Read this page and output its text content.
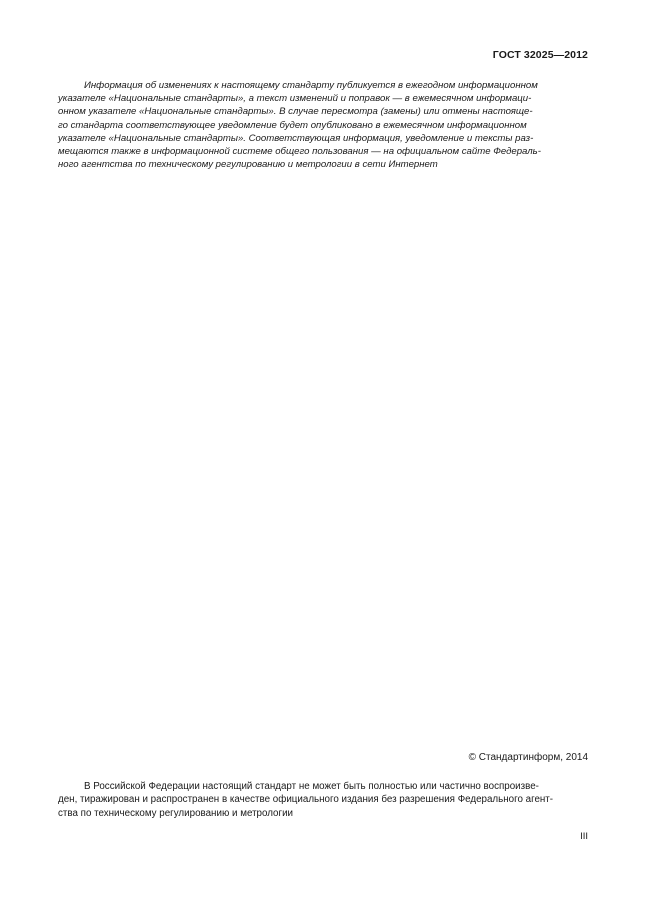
ГОСТ 32025—2012
Информация об изменениях к настоящему стандарту публикуется в ежегодном информационном
указателе «Национальные стандарты», а текст изменений и поправок — в ежемесячном информаци-
онном указателе «Национальные стандарты». В случае пересмотра (замены) или отмены настояще-
го стандарта соответствующее уведомление будет опубликовано в ежемесячном информационном
указателе «Национальные стандарты». Соответствующая информация, уведомление и тексты раз-
мещаются также в информационной системе общего пользования — на официальном сайте Федераль-
ного агентства по техническому регулированию и метрологии в сети Интернет
© Стандартинформ, 2014
В Российской Федерации настоящий стандарт не может быть полностью или частично воспроизве-
ден, тиражирован и распространен в качестве официального издания без разрешения Федерального агент-
ства по техническому регулированию и метрологии
III
